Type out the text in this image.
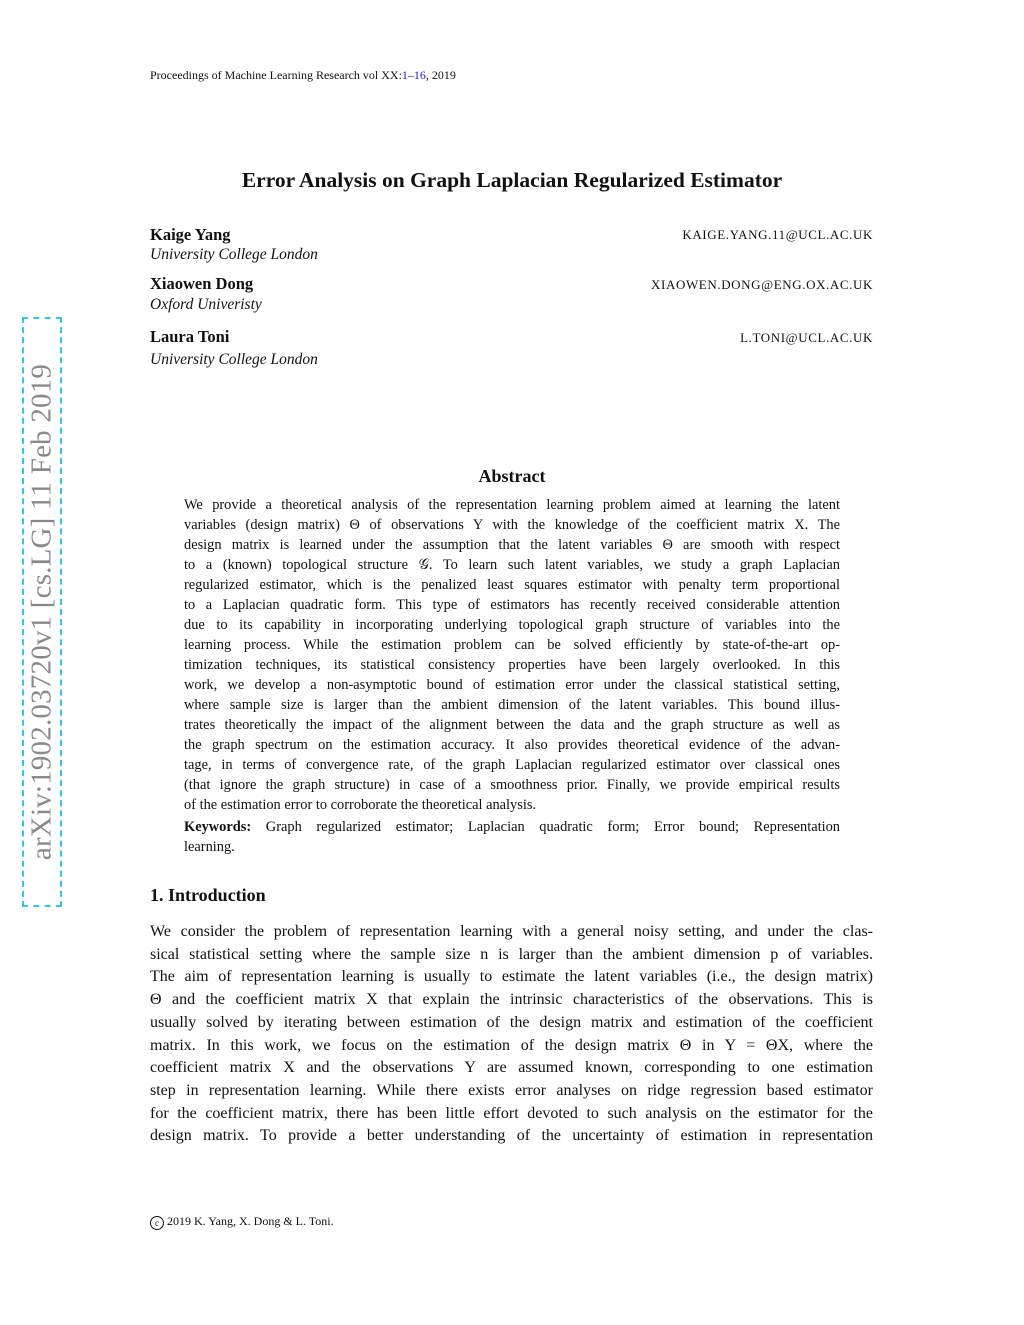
Proceedings of Machine Learning Research vol XX:1–16, 2019
Error Analysis on Graph Laplacian Regularized Estimator
Kaige Yang	KAIGE.YANG.11@UCL.AC.UK
University College London
Xiaowen Dong	XIAOWEN.DONG@ENG.OX.AC.UK
Oxford Univeristy
Laura Toni	L.TONI@UCL.AC.UK
University College London
arXiv:1902.03720v1 [cs.LG] 11 Feb 2019	Abstract
We provide a theoretical analysis of the representation learning problem aimed at learning the latent
variables (design matrix) Θ of observations Y with the knowledge of the coefficient matrix X. The
design matrix is learned under the assumption that the latent variables Θ are smooth with respect
to a (known) topological structure 𝒢. To learn such latent variables, we study a graph Laplacian
regularized estimator, which is the penalized least squares estimator with penalty term proportional
to a Laplacian quadratic form. This type of estimators has recently received considerable attention
due to its capability in incorporating underlying topological graph structure of variables into the
learning process. While the estimation problem can be solved efficiently by state-of-the-art op-
timization techniques, its statistical consistency properties have been largely overlooked. In this
work, we develop a non-asymptotic bound of estimation error under the classical statistical setting,
where sample size is larger than the ambient dimension of the latent variables. This bound illus-
trates theoretically the impact of the alignment between the data and the graph structure as well as
the graph spectrum on the estimation accuracy. It also provides theoretical evidence of the advan-
tage, in terms of convergence rate, of the graph Laplacian regularized estimator over classical ones
(that ignore the graph structure) in case of a smoothness prior. Finally, we provide empirical results
of the estimation error to corroborate the theoretical analysis.
Keywords: Graph regularized estimator; Laplacian quadratic form; Error bound; Representation
learning.
1. Introduction
We consider the problem of representation learning with a general noisy setting, and under the clas-
sical statistical setting where the sample size n is larger than the ambient dimension p of variables.
The aim of representation learning is usually to estimate the latent variables (i.e., the design matrix)
Θ and the coefficient matrix X that explain the intrinsic characteristics of the observations. This is
usually solved by iterating between estimation of the design matrix and estimation of the coefficient
matrix. In this work, we focus on the estimation of the design matrix Θ in Y = ΘX, where the
coefficient matrix X and the observations Y are assumed known, corresponding to one estimation
step in representation learning. While there exists error analyses on ridge regression based estimator
for the coefficient matrix, there has been little effort devoted to such analysis on the estimator for the
design matrix. To provide a better understanding of the uncertainty of estimation in representation
c 2019 K. Yang, X. Dong & L. Toni.
